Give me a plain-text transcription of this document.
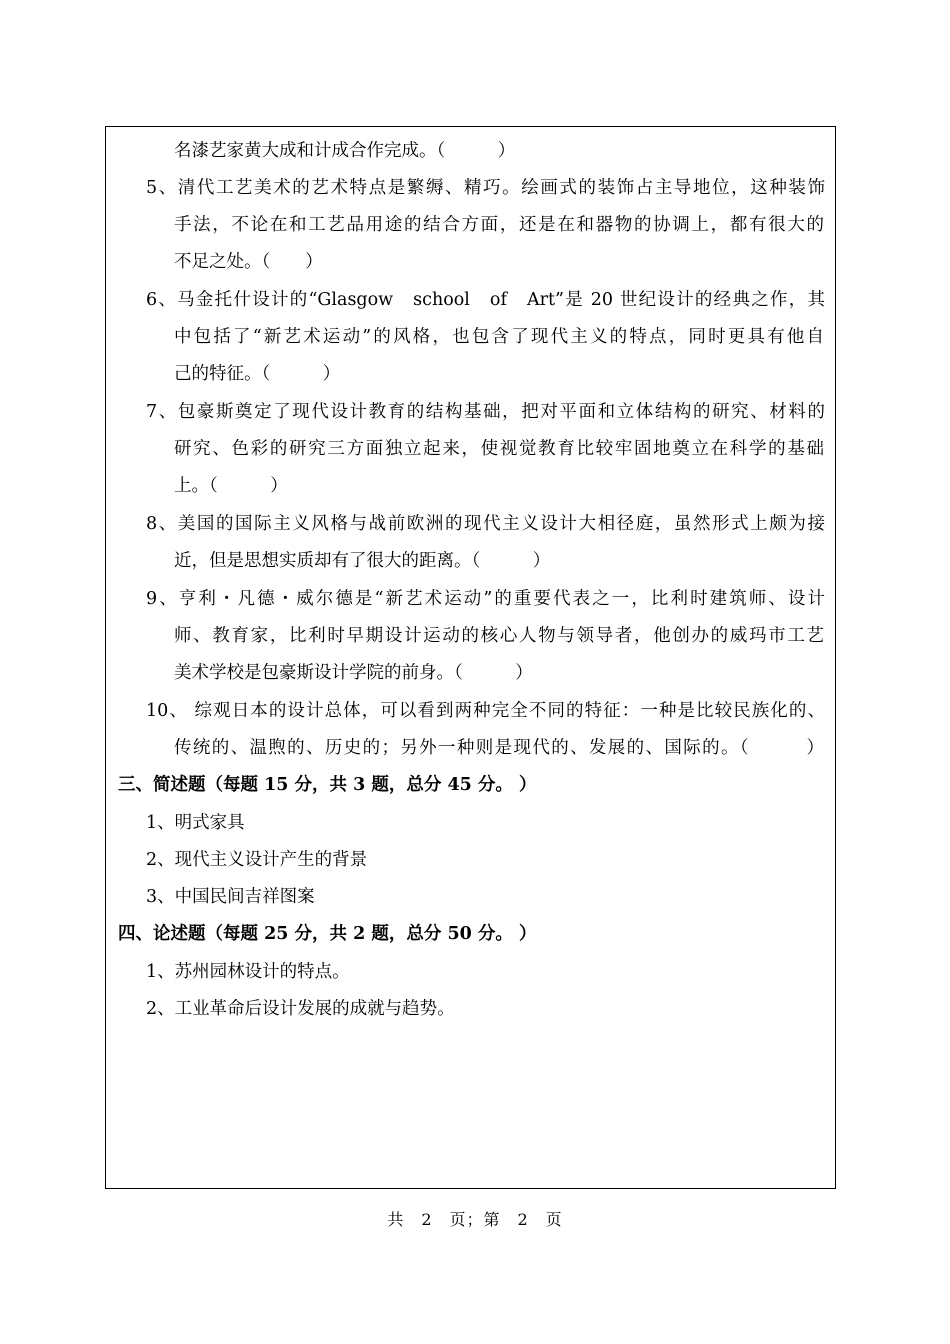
名漆艺家黄大成和计成合作完成。（　　　）
5、清代工艺美术的艺术特点是繁缛、精巧。绘画式的装饰占主导地位，这种装饰
手法，不论在和工艺品用途的结合方面，还是在和器物的协调上，都有很大的
不足之处。（　　）
6、马金托什设计的“Glasgow　school　of　Art”是 20 世纪设计的经典之作，其
中包括了“新艺术运动”的风格，也包含了现代主义的特点，同时更具有他自
己的特征。（　　　）
7、包豪斯奠定了现代设计教育的结构基础，把对平面和立体结构的研究、材料的
研究、色彩的研究三方面独立起来，使视觉教育比较牢固地奠立在科学的基础
上。（　　　）
8、美国的国际主义风格与战前欧洲的现代主义设计大相径庭，虽然形式上颇为接
近，但是思想实质却有了很大的距离。（　　　）
9、亨利・凡德・威尔德是“新艺术运动”的重要代表之一，比利时建筑师、设计
师、教育家，比利时早期设计运动的核心人物与领导者，他创办的威玛市工艺
美术学校是包豪斯设计学院的前身。（　　　）
10、 综观日本的设计总体，可以看到两种完全不同的特征：一种是比较民族化的、
传统的、温煦的、历史的；另外一种则是现代的、发展的、国际的。（　　　）
三、简述题（每题 15 分，共 3 题，总分 45 分。 ）
1、明式家具
2、现代主义设计产生的背景
3、中国民间吉祥图案
四、论述题（每题 25 分，共 2 题，总分 50 分。 ）
1、苏州园林设计的特点。
2、工业革命后设计发展的成就与趋势。
共　2　页；第　2　页
